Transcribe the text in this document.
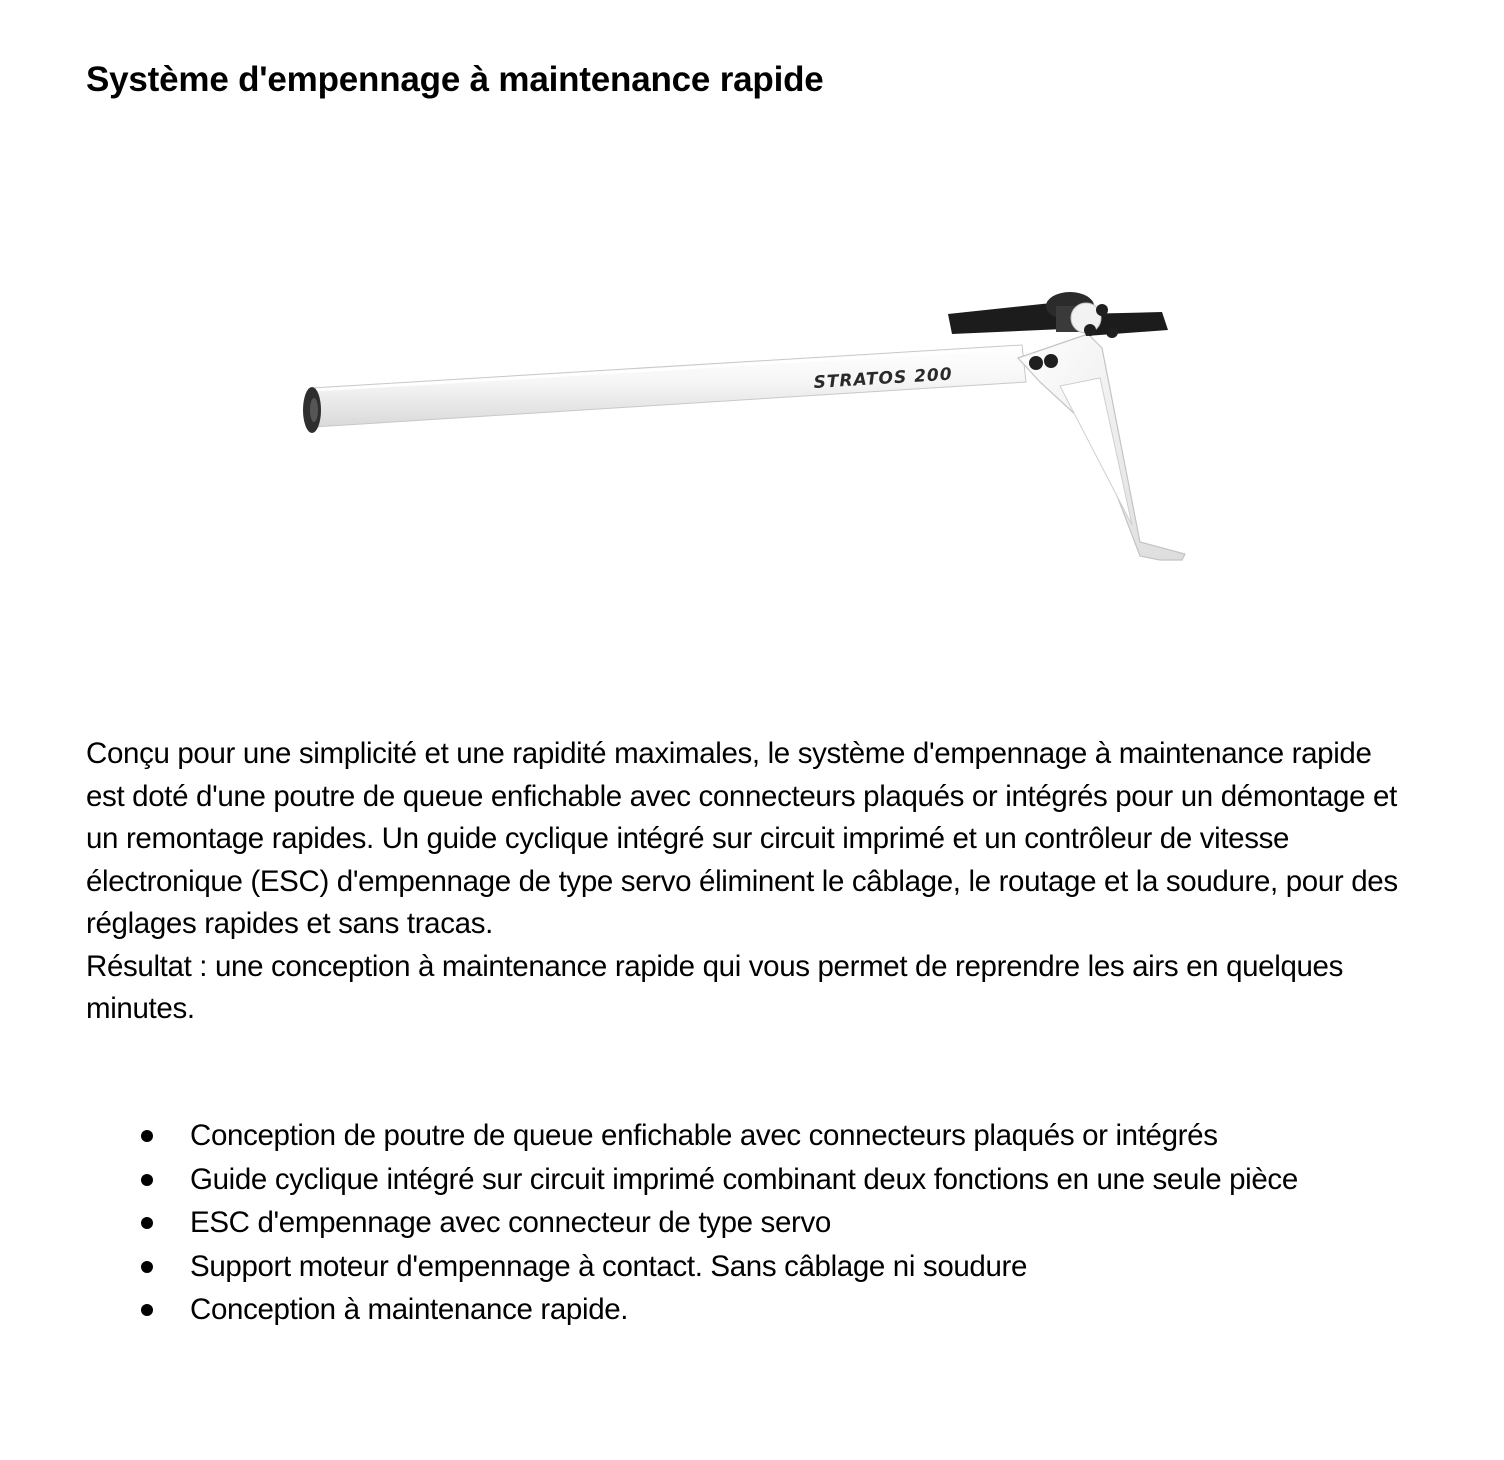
Système d'empennage à maintenance rapide
STRATOS 200

Conçu pour une simplicité et une rapidité maximales, le système d'empennage à maintenance rapide est doté d'une poutre de queue enfichable avec connecteurs plaqués or intégrés pour un démontage et un remontage rapides. Un guide cyclique intégré sur circuit imprimé et un contrôleur de vitesse électronique (ESC) d'empennage de type servo éliminent le câblage, le routage et la soudure, pour des réglages rapides et sans tracas.

Résultat : une conception à maintenance rapide qui vous permet de reprendre les airs en quelques minutes.

Conception de poutre de queue enfichable avec connecteurs plaqués or intégrés
Guide cyclique intégré sur circuit imprimé combinant deux fonctions en une seule pièce
ESC d'empennage avec connecteur de type servo
Support moteur d'empennage à contact. Sans câblage ni soudure
Conception à maintenance rapide.
